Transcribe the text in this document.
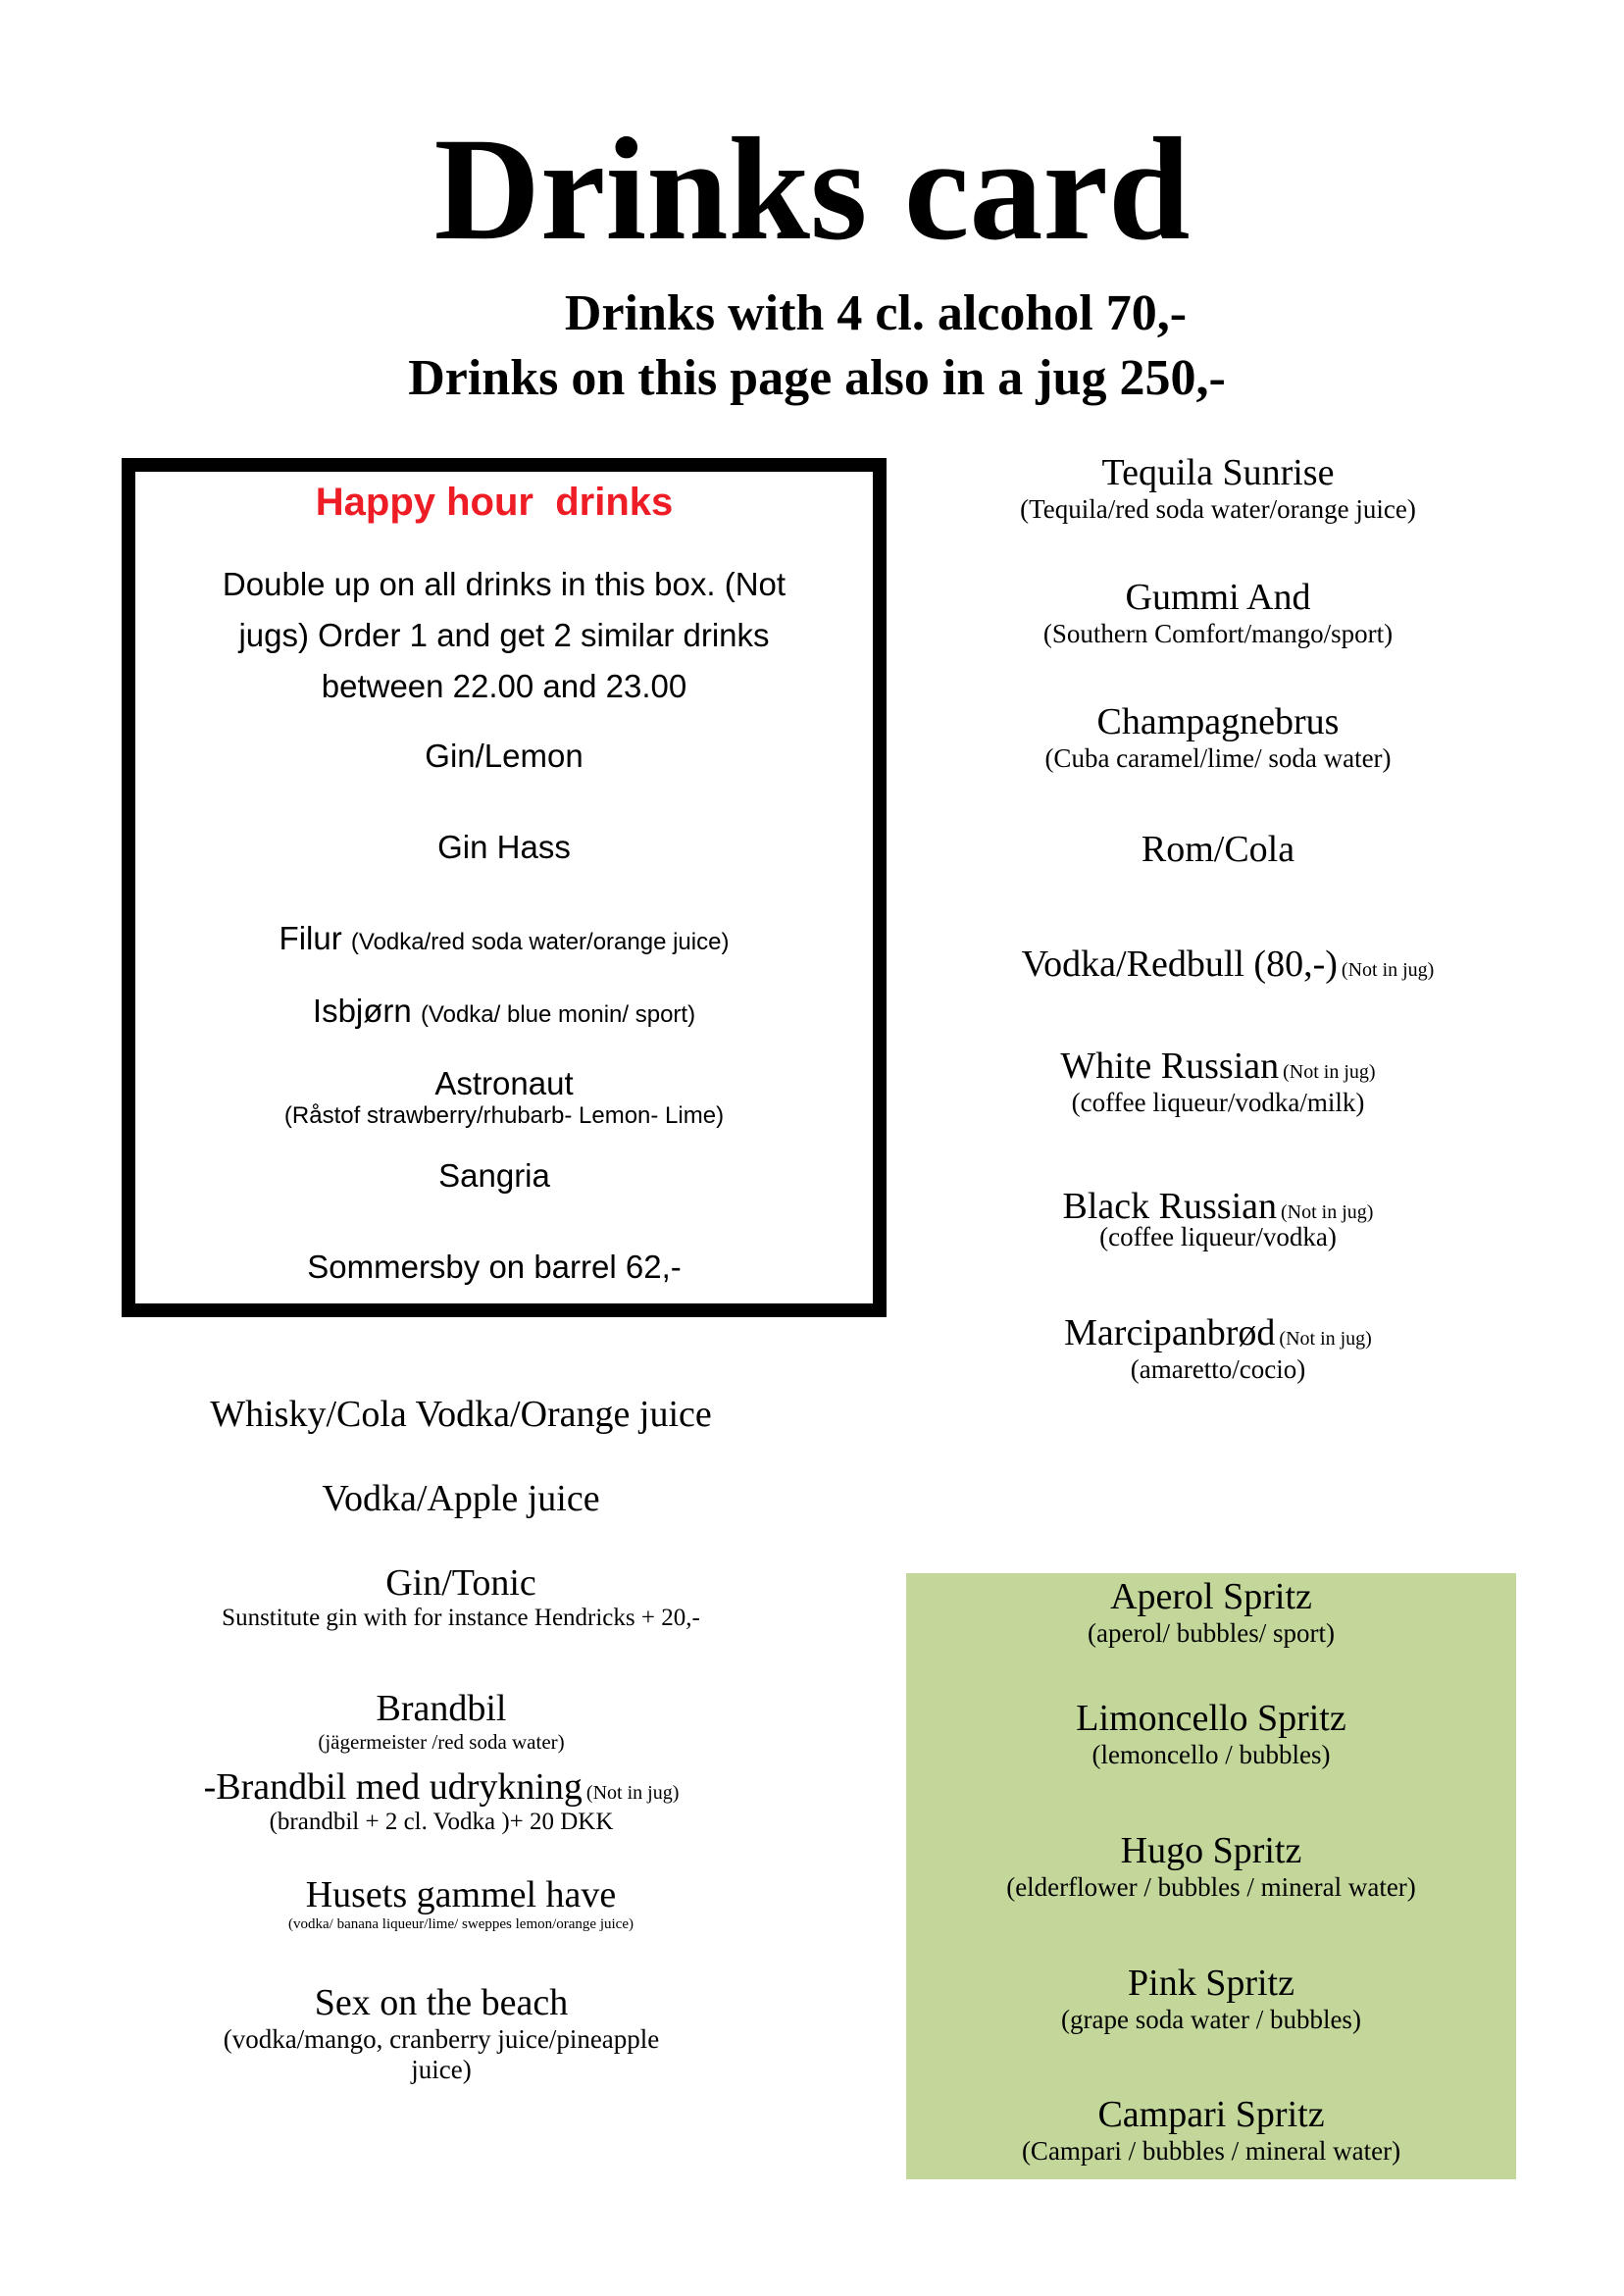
Drinks card
Drinks with 4 cl. alcohol 70,-
Drinks on this page also in a jug 250,-
Happy hour  drinks
Double up on all drinks in this box. (Not
jugs) Order 1 and get 2 similar drinks
between 22.00 and 23.00
Gin/Lemon
Gin Hass
Filur (Vodka/red soda water/orange juice)
Isbjørn (Vodka/ blue monin/ sport)
Astronaut
(Råstof strawberry/rhubarb- Lemon- Lime)
Sangria
Sommersby on barrel 62,-
Tequila Sunrise
(Tequila/red soda water/orange juice)
Gummi And
(Southern Comfort/mango/sport)
Champagnebrus
(Cuba caramel/lime/ soda water)
Rom/Cola
Vodka/Redbull (80,-) (Not in jug)
White Russian (Not in jug)
(coffee liqueur/vodka/milk)
Black Russian (Not in jug)
(coffee liqueur/vodka)
Marcipanbrød (Not in jug)
(amaretto/cocio)
Whisky/Cola Vodka/Orange juice
Vodka/Apple juice
Gin/Tonic
Sunstitute gin with for instance Hendricks + 20,-
Brandbil
(jägermeister /red soda water)
-Brandbil med udrykning (Not in jug)
(brandbil + 2 cl. Vodka )+ 20 DKK
Husets gammel have
(vodka/ banana liqueur/lime/ sweppes lemon/orange juice)
Sex on the beach
(vodka/mango, cranberry juice/pineapple
juice)
Aperol Spritz
(aperol/ bubbles/ sport)
Limoncello Spritz
(lemoncello / bubbles)
Hugo Spritz
(elderflower / bubbles / mineral water)
Pink Spritz
(grape soda water / bubbles)
Campari Spritz
(Campari / bubbles / mineral water)
